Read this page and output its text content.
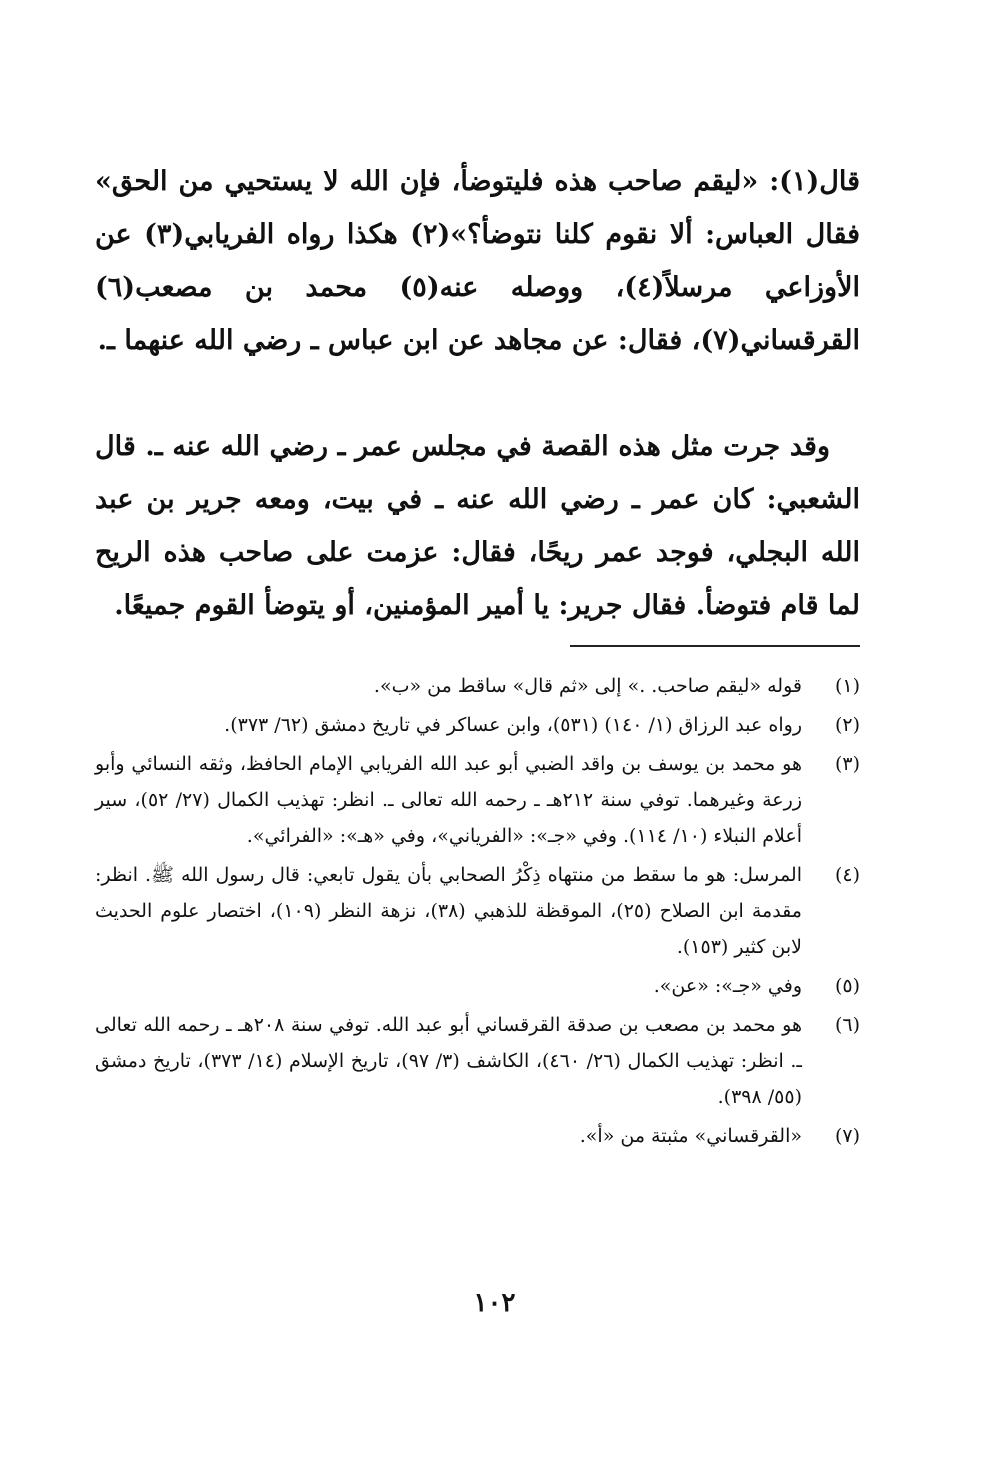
قال(١): «ليقم صاحب هذه فليتوضأ، فإن الله لا يستحيي من الحق» فقال العباس: ألا نقوم كلنا نتوضأ؟»(٢) هكذا رواه الفريابي(٣) عن الأوزاعي مرسلاً(٤)، ووصله عنه(٥) محمد بن مصعب(٦) القرقساني(٧)، فقال: عن مجاهد عن ابن عباس ـ رضي الله عنهما ـ.
وقد جرت مثل هذه القصة في مجلس عمر ـ رضي الله عنه ـ. قال الشعبي: كان عمر ـ رضي الله عنه ـ في بيت، ومعه جرير بن عبد الله البجلي، فوجد عمر ريحًا، فقال: عزمت على صاحب هذه الريح لما قام فتوضأ. فقال جرير: يا أمير المؤمنين، أو يتوضأ القوم جميعًا.
(١)
قوله «ليقم صاحب. .» إلى «ثم قال» ساقط من «ب».
(٢)
رواه عبد الرزاق (١/ ١٤٠) (٥٣١)، وابن عساكر في تاريخ دمشق (٦٢/ ٣٧٣).
(٣)
هو محمد بن يوسف بن واقد الضبي أبو عبد الله الفريابي الإمام الحافظ، وثقه النسائي وأبو زرعة وغيرهما. توفي سنة ٢١٢هـ ـ رحمه الله تعالى ـ. انظر: تهذيب الكمال (٢٧/ ٥٢)، سير أعلام النبلاء (١٠/ ١١٤). وفي «جـ»: «الفرياني»، وفي «هـ»: «الفرائي».
(٤)
المرسل: هو ما سقط من منتهاه ذِكْرُ الصحابي بأن يقول تابعي: قال رسول الله ﷺ. انظر: مقدمة ابن الصلاح (٢٥)، الموقظة للذهبي (٣٨)، نزهة النظر (١٠٩)، اختصار علوم الحديث لابن كثير (١٥٣).
(٥)
وفي «جـ»: «عن».
(٦)
هو محمد بن مصعب بن صدقة القرقساني أبو عبد الله. توفي سنة ٢٠٨هـ ـ رحمه الله تعالى ـ. انظر: تهذيب الكمال (٢٦/ ٤٦٠)، الكاشف (٣/ ٩٧)، تاريخ الإسلام (١٤/ ٣٧٣)، تاريخ دمشق (٥٥/ ٣٩٨).
(٧)
«القرقساني» مثبتة من «أ».
١٠٢
